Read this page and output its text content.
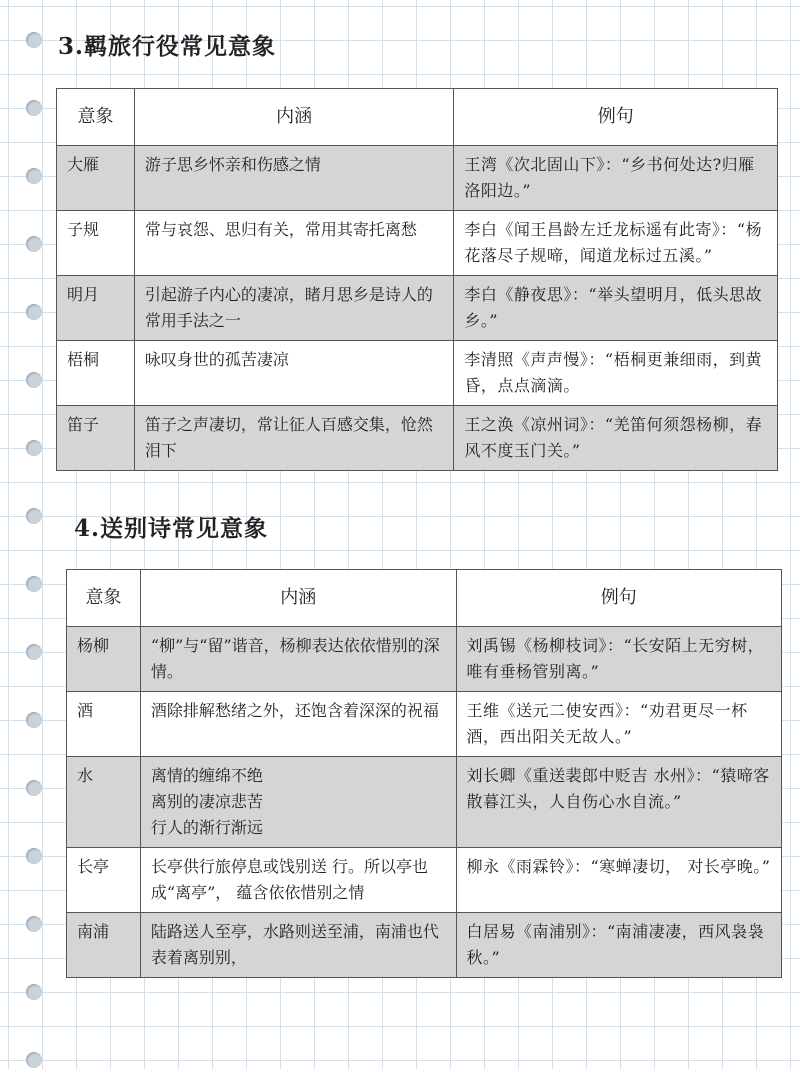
3.羁旅行役常见意象
意象	内涵	例句
大雁	游子思乡怀亲和伤感之情	王湾《次北固山下》：“乡书何处达?归雁洛阳边。”
子规	常与哀怨、思归有关，常用其寄托离愁	李白《闻王昌龄左迁龙标遥有此寄》：“杨花落尽子规啼，闻道龙标过五溪。”
明月	引起游子内心的凄凉，睹月思乡是诗人的常用手法之一	李白《静夜思》：“举头望明月，低头思故乡。”
梧桐	咏叹身世的孤苦凄凉	李清照《声声慢》：“梧桐更兼细雨，到黄昏，点点滴滴。
笛子	笛子之声凄切，常让征人百感交集，怆然泪下	王之涣《凉州词》：“羌笛何须怨杨柳，春风不度玉门关。”
4.送别诗常见意象
意象	内涵	例句
杨柳	“柳”与“留”谐音，杨柳表达依依惜别的深情。	刘禹锡《杨柳枝词》：“长安陌上无穷树，唯有垂杨管别离。”
酒	酒除排解愁绪之外，还饱含着深深的祝福	王维《送元二使安西》：“劝君更尽一杯酒，西出阳关无故人。”
水	离情的缠绵不绝
离别的凄凉悲苦
行人的渐行渐远	刘长卿《重送裴郎中贬吉 水州》：“猿啼客散暮江头，人自伤心水自流。”
长亭	长亭供行旅停息或饯别送 行。所以亭也成“离亭”， 蕴含依依惜别之情	柳永《雨霖铃》：“寒蝉凄切， 对长亭晚。”
南浦	陆路送人至亭，水路则送至浦，南浦也代表着离别别，	白居易《南浦别》：“南浦凄凄，西风袅袅秋。”
